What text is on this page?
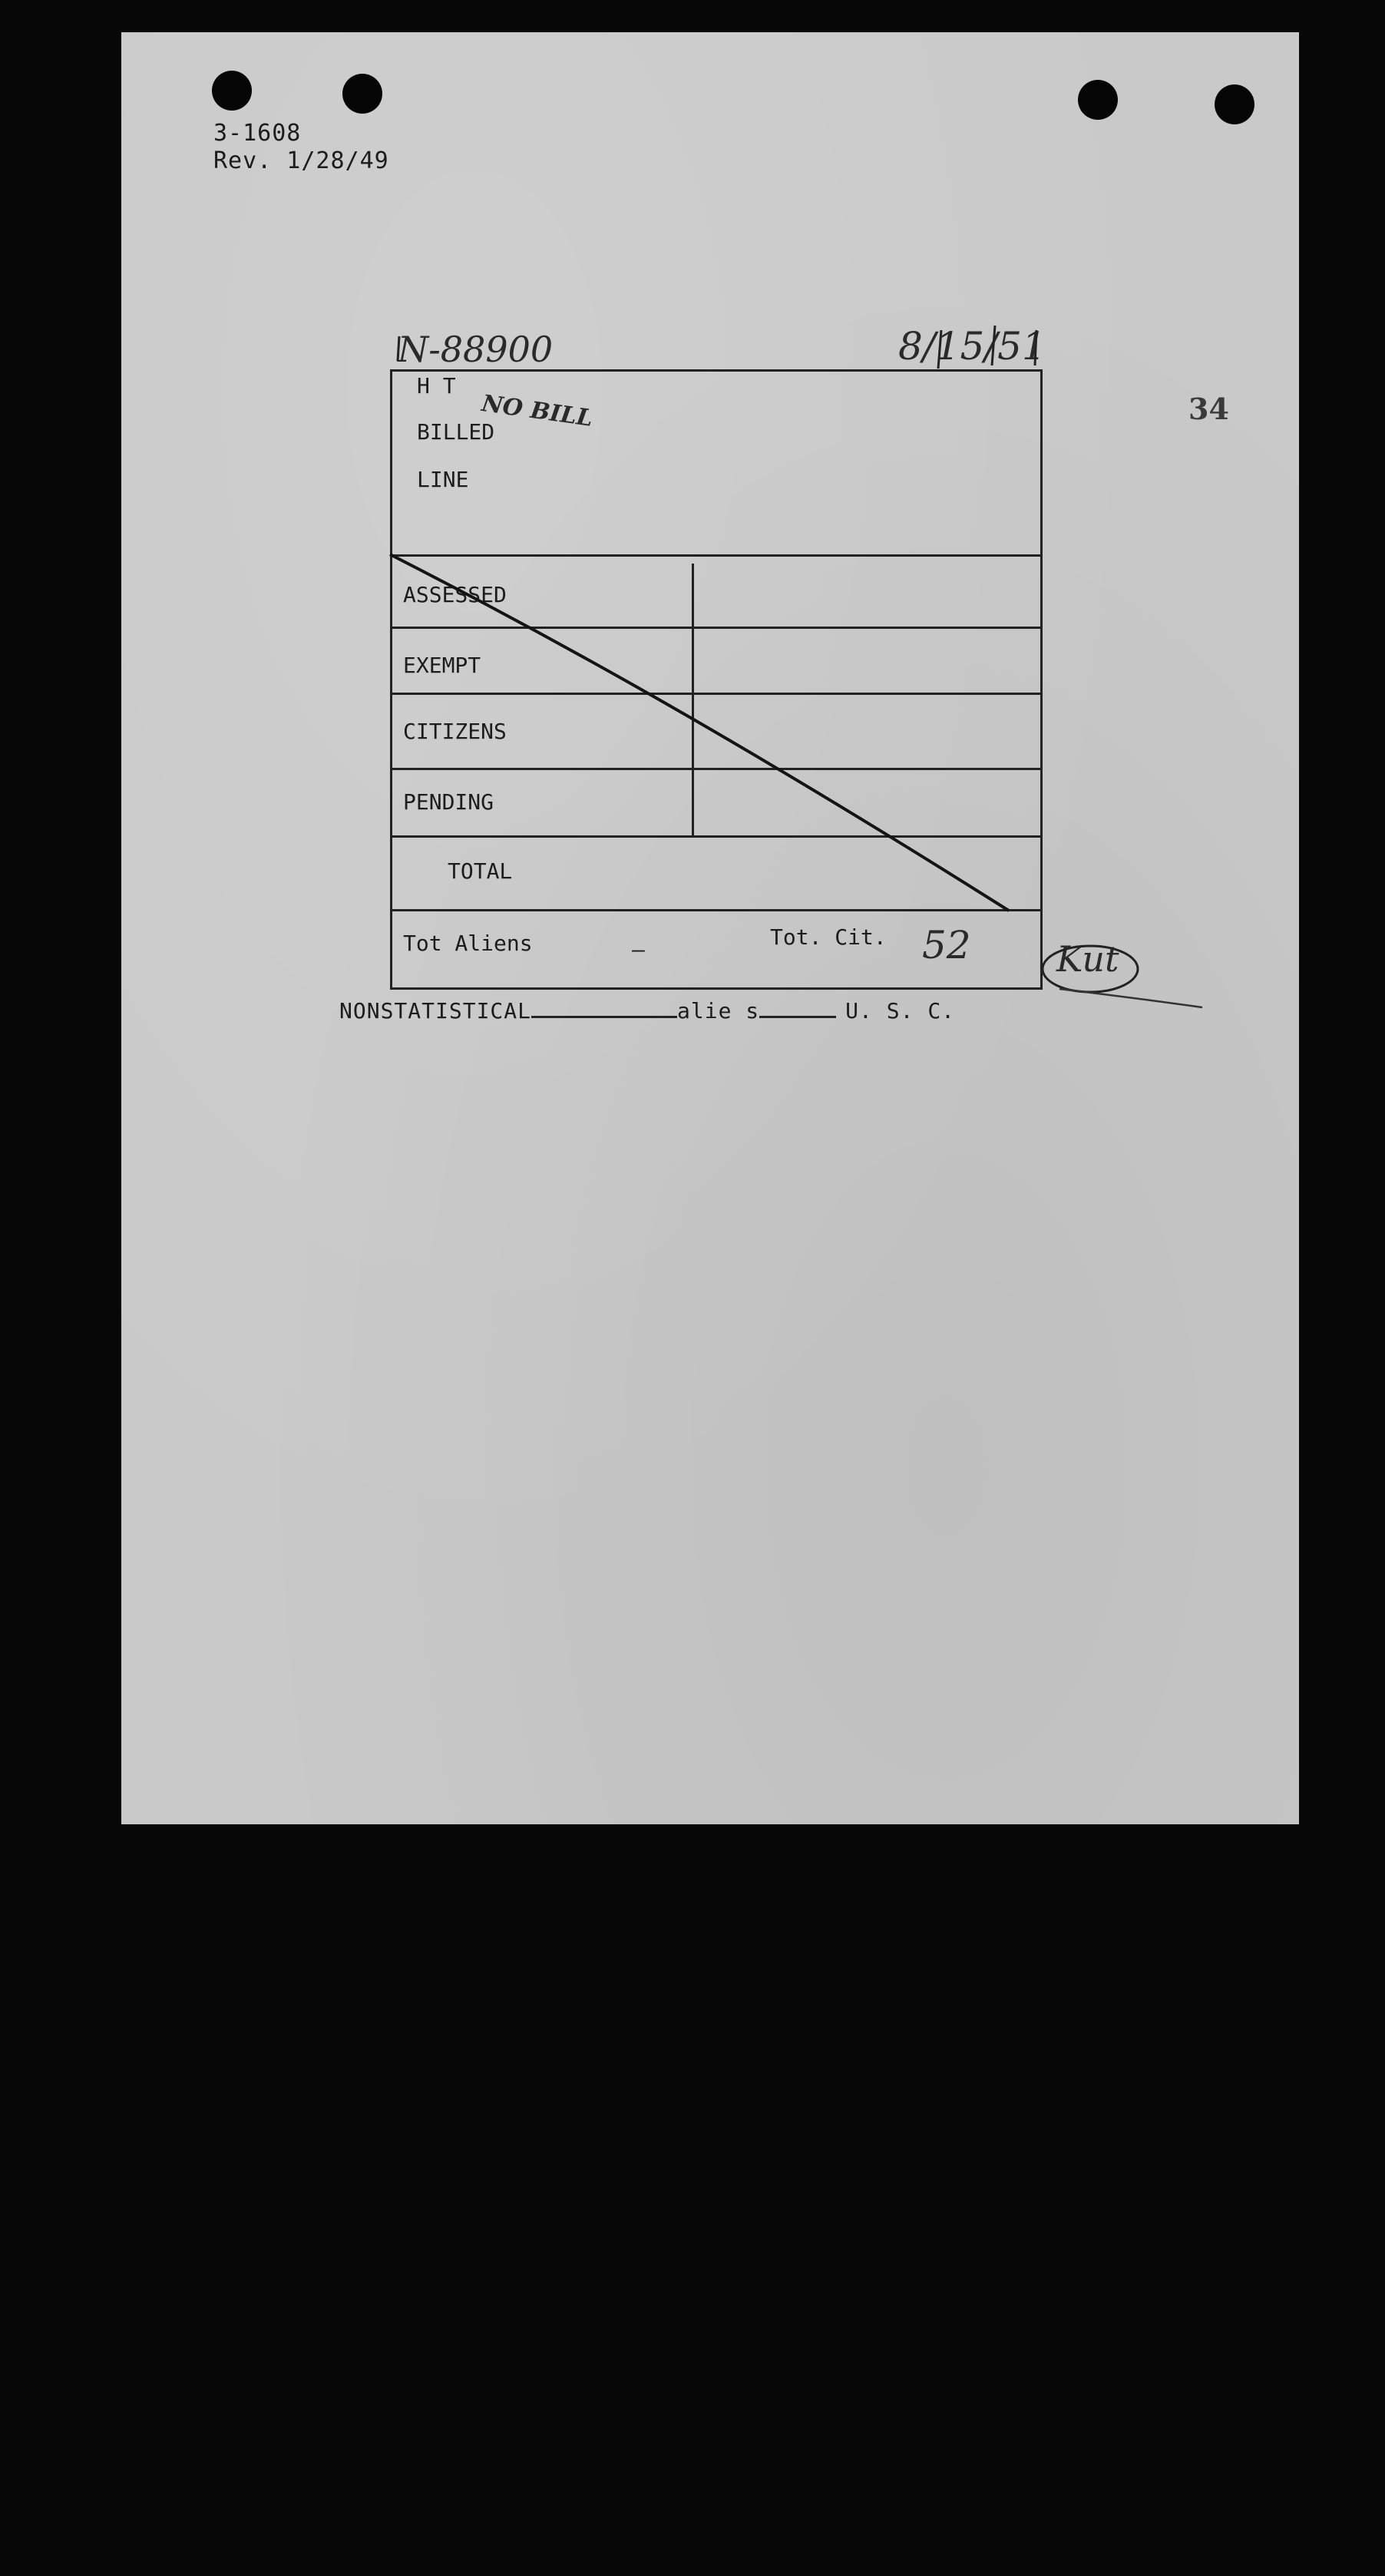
3-1608
Rev. 1/28/49
34
N-88900	8/15/51
H T
BILLED
LINE
NO BILL
ASSESSED
EXEMPT
CITIZENS
PENDING
TOTAL
Tot Aliens	—	Tot. Cit. 52 Kut
NONSTATISTICAL	alie s	U. S. C.
